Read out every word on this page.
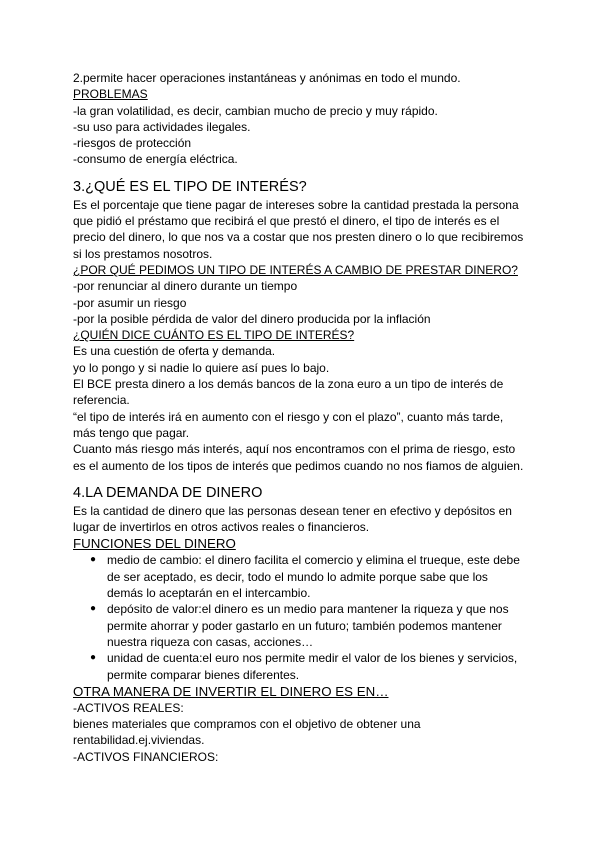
2.permite hacer operaciones instantáneas y anónimas en todo el mundo.

PROBLEMAS

-la gran volatilidad, es decir, cambian mucho de precio y muy rápido.

-su uso para actividades ilegales.

-riesgos de protección

-consumo de energía eléctrica.

3.¿QUÉ ES EL TIPO DE INTERÉS?

Es el porcentaje que tiene pagar de intereses sobre la cantidad prestada la persona

que pidió el préstamo que recibirá el que prestó el dinero, el tipo de interés es el

precio del dinero, lo que nos va a costar que nos presten dinero o lo que recibiremos

si los prestamos nosotros.

¿POR QUÉ PEDIMOS UN TIPO DE INTERÉS A CAMBIO DE PRESTAR DINERO?

-por renunciar al dinero durante un tiempo

-por asumir un riesgo

-por la posible pérdida de valor del dinero producida por la inflación

¿QUIÉN DICE CUÁNTO ES EL TIPO DE INTERÉS?

Es una cuestión de oferta y demanda.

yo lo pongo y si nadie lo quiere así pues lo bajo.

El BCE presta dinero a los demás bancos de la zona euro a un tipo de interés de

referencia.

“el tipo de interés irá en aumento con el riesgo y con el plazo”, cuanto más tarde,

más tengo que pagar.

Cuanto más riesgo más interés, aquí nos encontramos con el prima de riesgo, esto

es el aumento de los tipos de interés que pedimos cuando no nos fiamos de alguien.

4.LA DEMANDA DE DINERO

Es la cantidad de dinero que las personas desean tener en efectivo y depósitos en

lugar de invertirlos en otros activos reales o financieros.

FUNCIONES DEL DINERO
● medio de cambio: el dinero facilita el comercio y elimina el trueque, este debe

de ser aceptado, es decir, todo el mundo lo admite porque sabe que los

demás lo aceptarán en el intercambio.

● depósito de valor:el dinero es un medio para mantener la riqueza y que nos

permite ahorrar y poder gastarlo en un futuro; también podemos mantener

nuestra riqueza con casas, acciones…

● unidad de cuenta:el euro nos permite medir el valor de los bienes y servicios,

permite comparar bienes diferentes.

OTRA MANERA DE INVERTIR EL DINERO ES EN…

-ACTIVOS REALES:

bienes materiales que compramos con el objetivo de obtener una

rentabilidad.ej.viviendas.

-ACTIVOS FINANCIEROS:
